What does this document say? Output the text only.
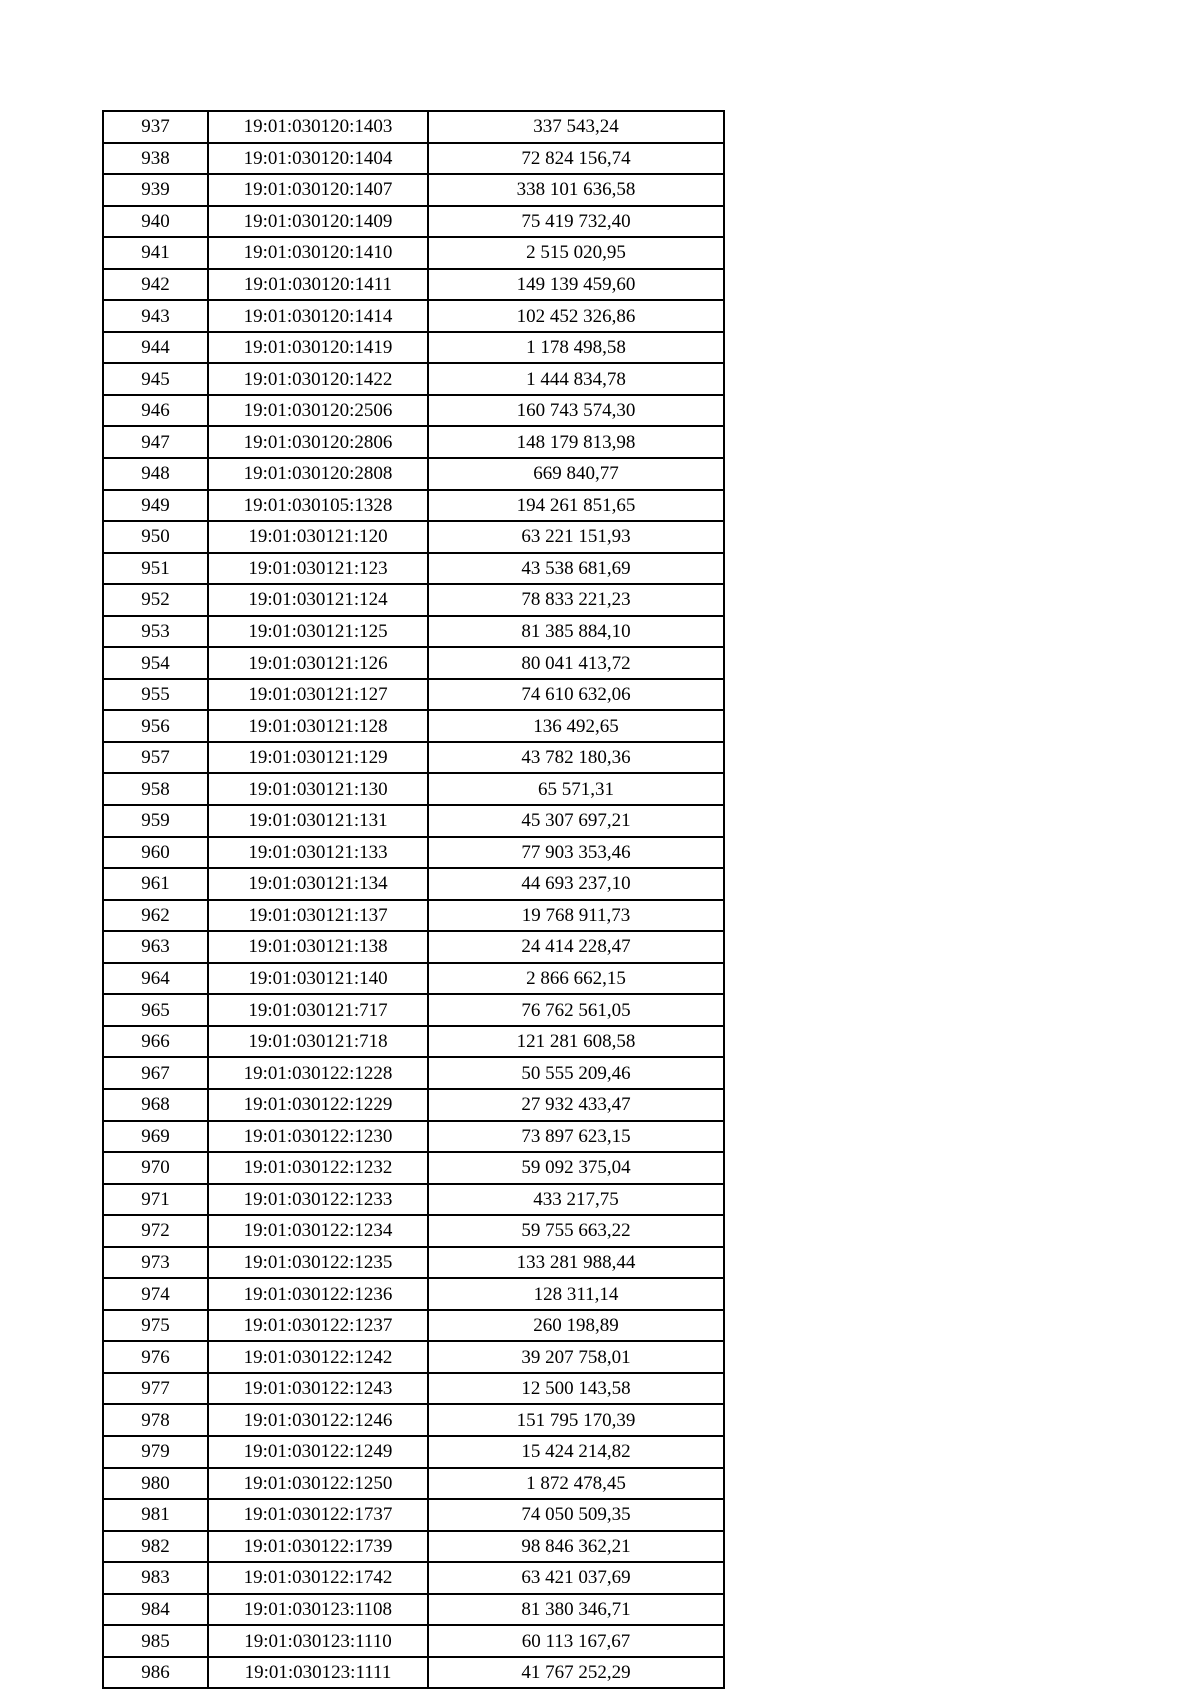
937	19:01:030120:1403	337 543,24
938	19:01:030120:1404	72 824 156,74
939	19:01:030120:1407	338 101 636,58
940	19:01:030120:1409	75 419 732,40
941	19:01:030120:1410	2 515 020,95
942	19:01:030120:1411	149 139 459,60
943	19:01:030120:1414	102 452 326,86
944	19:01:030120:1419	1 178 498,58
945	19:01:030120:1422	1 444 834,78
946	19:01:030120:2506	160 743 574,30
947	19:01:030120:2806	148 179 813,98
948	19:01:030120:2808	669 840,77
949	19:01:030105:1328	194 261 851,65
950	19:01:030121:120	63 221 151,93
951	19:01:030121:123	43 538 681,69
952	19:01:030121:124	78 833 221,23
953	19:01:030121:125	81 385 884,10
954	19:01:030121:126	80 041 413,72
955	19:01:030121:127	74 610 632,06
956	19:01:030121:128	136 492,65
957	19:01:030121:129	43 782 180,36
958	19:01:030121:130	65 571,31
959	19:01:030121:131	45 307 697,21
960	19:01:030121:133	77 903 353,46
961	19:01:030121:134	44 693 237,10
962	19:01:030121:137	19 768 911,73
963	19:01:030121:138	24 414 228,47
964	19:01:030121:140	2 866 662,15
965	19:01:030121:717	76 762 561,05
966	19:01:030121:718	121 281 608,58
967	19:01:030122:1228	50 555 209,46
968	19:01:030122:1229	27 932 433,47
969	19:01:030122:1230	73 897 623,15
970	19:01:030122:1232	59 092 375,04
971	19:01:030122:1233	433 217,75
972	19:01:030122:1234	59 755 663,22
973	19:01:030122:1235	133 281 988,44
974	19:01:030122:1236	128 311,14
975	19:01:030122:1237	260 198,89
976	19:01:030122:1242	39 207 758,01
977	19:01:030122:1243	12 500 143,58
978	19:01:030122:1246	151 795 170,39
979	19:01:030122:1249	15 424 214,82
980	19:01:030122:1250	1 872 478,45
981	19:01:030122:1737	74 050 509,35
982	19:01:030122:1739	98 846 362,21
983	19:01:030122:1742	63 421 037,69
984	19:01:030123:1108	81 380 346,71
985	19:01:030123:1110	60 113 167,67
986	19:01:030123:1111	41 767 252,29
